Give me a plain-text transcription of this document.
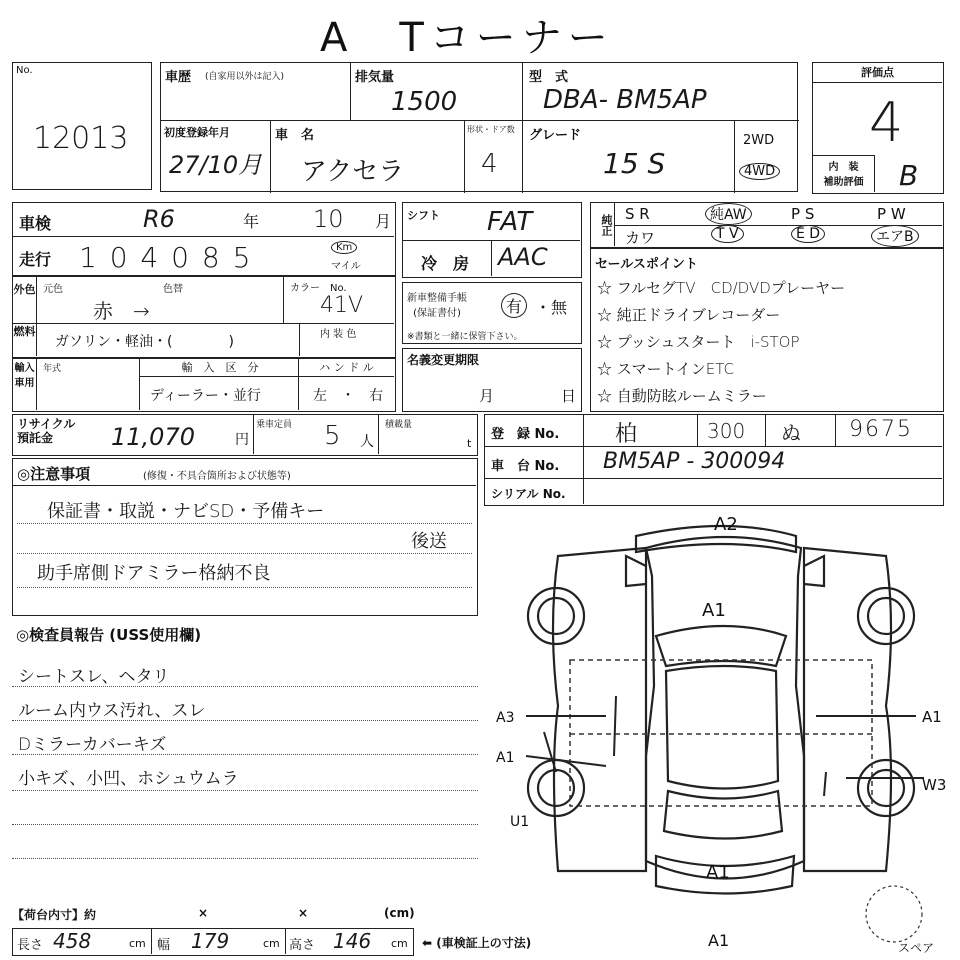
A　Tコーナー
No.
12013
車歴 (自家用以外は記入)	排気量
1500
型　式
DBA- BM5AP
初度登録年月
27/10月
車　名
アクセラ
形状・ドア数
4
グレード
15 S
2WD
4WD
評価点
4
内　装
補助評価	B
車検	R6	年 10 月
走行 1 0 4 0 8 5	Km
マイル
シフト FAT
冷　房 AAC
純正 S R	純AW	P S	P W
カワ	T V	E D	エアB
外色 元色	色替
赤　→
カラー　No.
41V
燃料
ガソリン・軽油・(　　　　)	内 装 色
新車整備手帳
(保証書付)	有 ・無
※書類と一緒に保管下さい。
輸入車用
年式	輸　入　区　分
ディーラー・並行
ハ ン ド ル
左　・　右
名義変更期限
月	日
セールスポイント
☆ フルセグTV　CD/DVDプレーヤー
☆ 純正ドライブレコーダー
☆ プッシュスタート　i-STOP
☆ スマートインETC
☆ 自動防眩ルームミラー
リサイクル
預託金	11,070	円
乗車定員 5 人
積載量
t
登　録 No.	柏	300 ぬ 9675
車　台 No. BM5AP - 300094
シリアル No.
◎注意事項	(修復・不具合箇所および状態等)
保証書・取説・ナビSD・予備キー
後送
助手席側ドアミラー格納不良
◎検査員報告 (USS使用欄)
シートスレ、ヘタリ
ルーム内ウス汚れ、スレ
Dミラーカバーキズ
小キズ、小凹、ホシュウムラ
【荷台内寸】約	×	×	(cm)
長さ 458	cm 幅 179	cm 高さ 146 cm ⬅ (車検証上の寸法)
A2
A1
A3
A1
U1
A1
W3
A1
A1	スペア
